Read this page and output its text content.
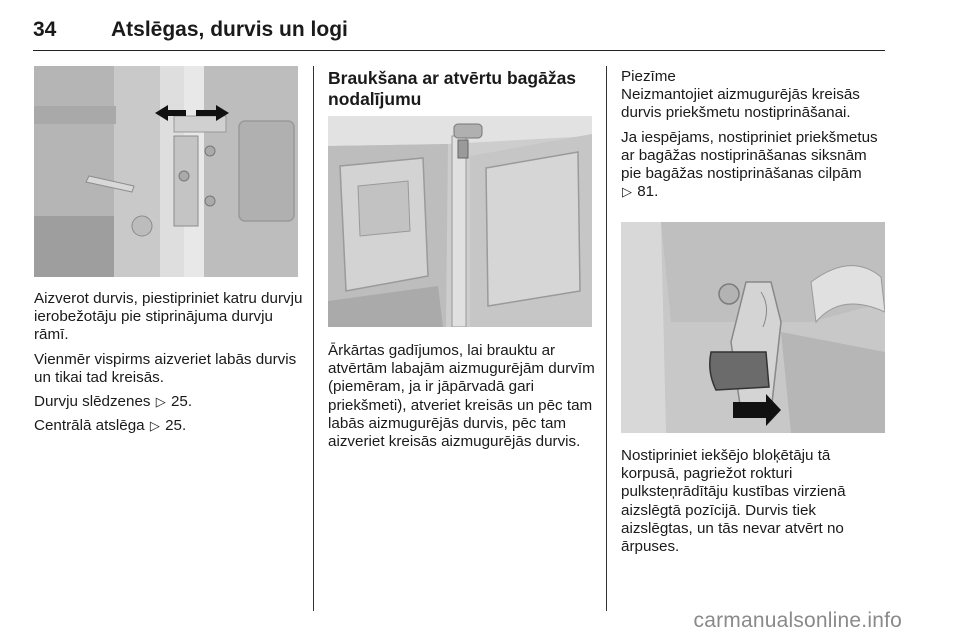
34	Atslēgas, durvis un logi

Aizverot durvis, piestipriniet katru durvju ierobežotāju pie stiprinājuma durvju rāmī.

Vienmēr vispirms aizveriet labās durvis un tikai tad kreisās.

Durvju slēdzenes ▷ 25.

Centrālā atslēga ▷ 25.

Braukšana ar atvērtu bagāžas nodalījumu

Ārkārtas gadījumos, lai brauktu ar atvērtām labajām aizmugurējām durvīm (piemēram, ja ir jāpārvadā gari priekšmeti), atveriet kreisās un pēc tam labās aizmugurējās durvis, pēc tam aizveriet kreisās aizmugurējās durvis.

Piezīme

Neizmantojiet aizmugurējās kreisās durvis priekšmetu nostiprināšanai.

Ja iespējams, nostipriniet priekšmetus ar bagāžas nostiprināšanas siksnām pie bagāžas nostiprināšanas cilpām
▷ 81.

Nostipriniet iekšējo bloķētāju tā korpusā, pagriežot rokturi pulksteņrādītāju kustības virzienā aizslēgtā pozīcijā. Durvis tiek aizslēgtas, un tās nevar atvērt no ārpuses.

carmanualsonline.info
